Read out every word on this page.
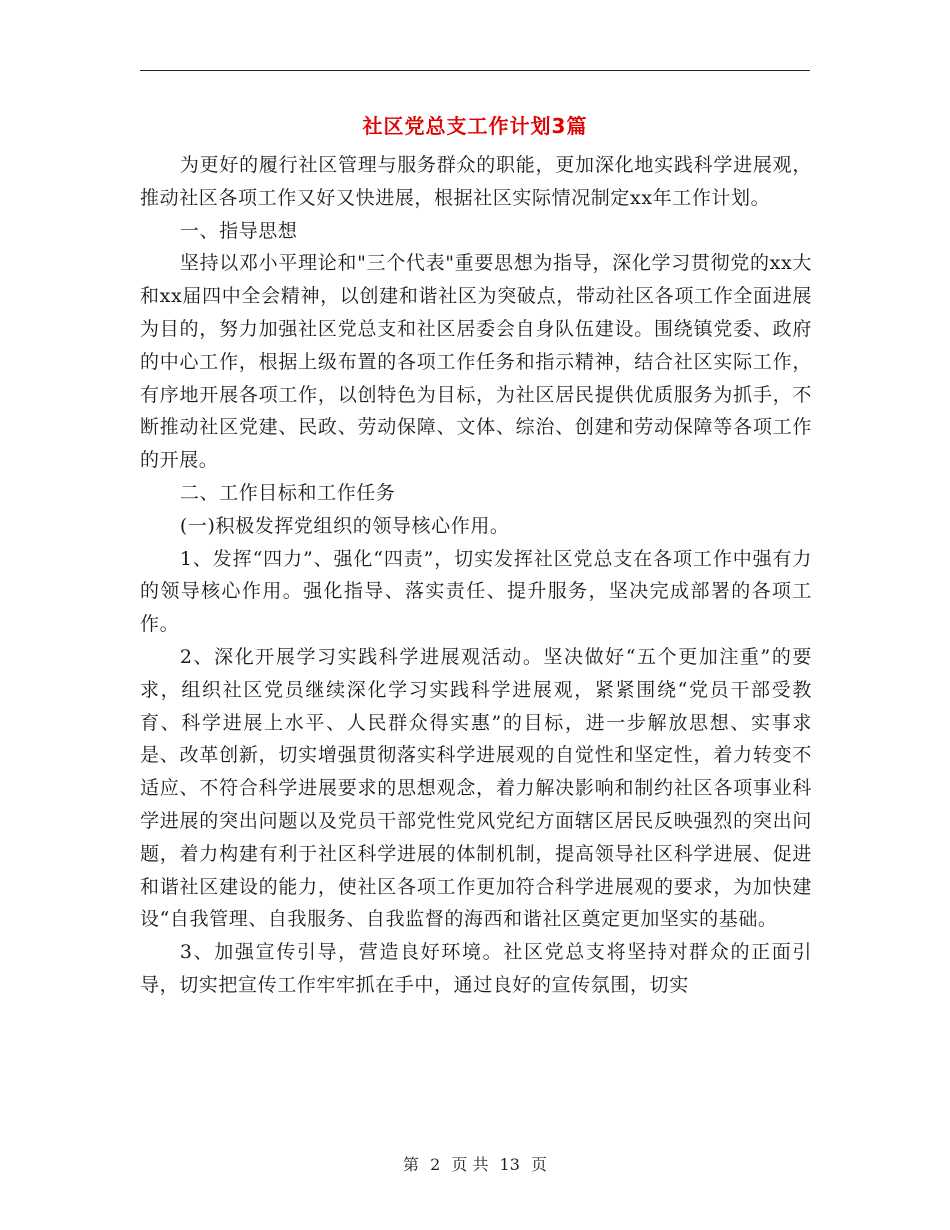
社区党总支工作计划3篇

为更好的履行社区管理与服务群众的职能，更加深化地实践科学进展观，推动社区各项工作又好又快进展，根据社区实际情况制定xx年工作计划。

一、指导思想

坚持以邓小平理论和"三个代表"重要思想为指导，深化学习贯彻党的xx大和xx届四中全会精神，以创建和谐社区为突破点，带动社区各项工作全面进展为目的，努力加强社区党总支和社区居委会自身队伍建设。围绕镇党委、政府的中心工作，根据上级布置的各项工作任务和指示精神，结合社区实际工作，有序地开展各项工作，以创特色为目标，为社区居民提供优质服务为抓手，不断推动社区党建、民政、劳动保障、文体、综治、创建和劳动保障等各项工作的开展。

二、工作目标和工作任务

(一)积极发挥党组织的领导核心作用。

1、发挥“四力”、强化“四责”，切实发挥社区党总支在各项工作中强有力的领导核心作用。强化指导、落实责任、提升服务，坚决完成部署的各项工作。

2、深化开展学习实践科学进展观活动。坚决做好“五个更加注重”的要求，组织社区党员继续深化学习实践科学进展观，紧紧围绕“党员干部受教育、科学进展上水平、人民群众得实惠”的目标，进一步解放思想、实事求是、改革创新，切实增强贯彻落实科学进展观的自觉性和坚定性，着力转变不适应、不符合科学进展要求的思想观念，着力解决影响和制约社区各项事业科学进展的突出问题以及党员干部党性党风党纪方面辖区居民反映强烈的突出问题，着力构建有利于社区科学进展的体制机制，提高领导社区科学进展、促进和谐社区建设的能力，使社区各项工作更加符合科学进展观的要求，为加快建设“自我管理、自我服务、自我监督的海西和谐社区奠定更加坚实的基础。

3、加强宣传引导，营造良好环境。社区党总支将坚持对群众的正面引导，切实把宣传工作牢牢抓在手中，通过良好的宣传氛围，切实

第 2 页 共 13 页
